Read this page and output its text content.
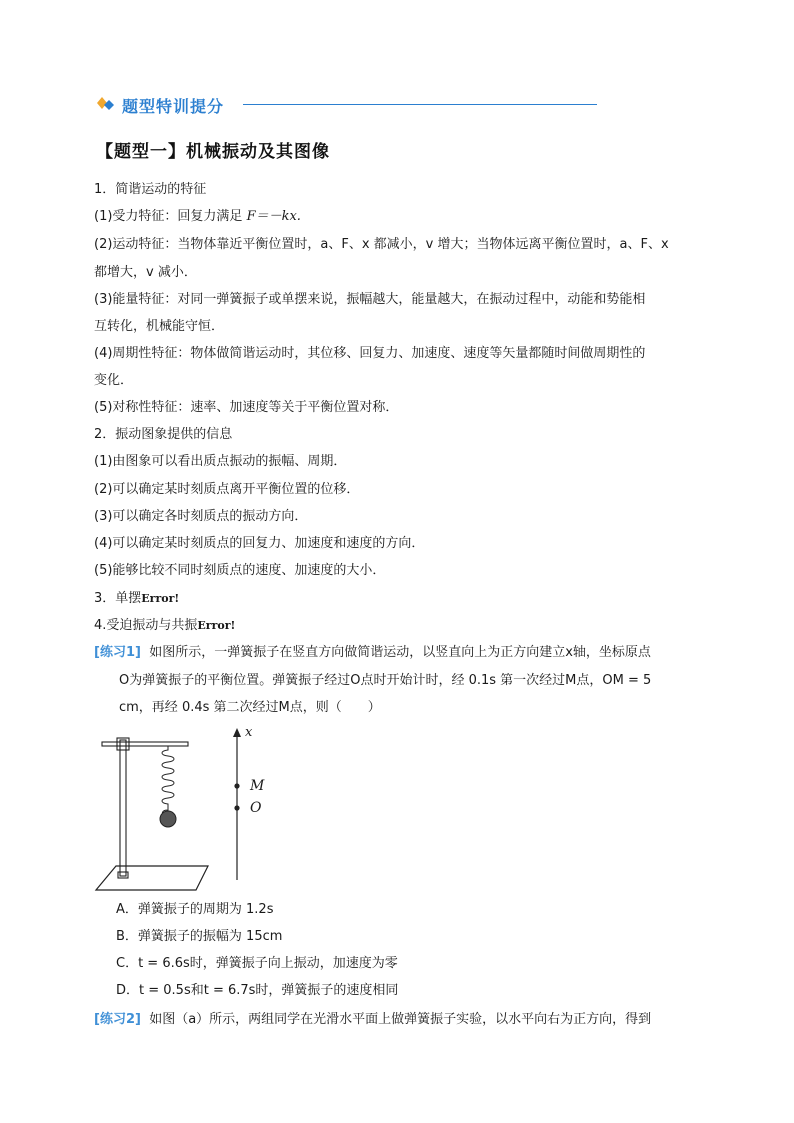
题型特训提分
【题型一】机械振动及其图像
1．简谐运动的特征
(1)受力特征：回复力满足 F＝－kx.
(2)运动特征：当物体靠近平衡位置时，a、F、x 都减小，v 增大；当物体远离平衡位置时，a、F、x
都增大，v 减小．
(3)能量特征：对同一弹簧振子或单摆来说，振幅越大，能量越大，在振动过程中，动能和势能相
互转化，机械能守恒．
(4)周期性特征：物体做简谐运动时，其位移、回复力、加速度、速度等矢量都随时间做周期性的
变化．
(5)对称性特征：速率、加速度等关于平衡位置对称．
2．振动图象提供的信息
(1)由图象可以看出质点振动的振幅、周期．
(2)可以确定某时刻质点离开平衡位置的位移．
(3)可以确定各时刻质点的振动方向．
(4)可以确定某时刻质点的回复力、加速度和速度的方向．
(5)能够比较不同时刻质点的速度、加速度的大小．
3．单摆Error!
4.受迫振动与共振Error!
[练习1] 如图所示，一弹簧振子在竖直方向做简谐运动，以竖直向上为正方向建立x轴，坐标原点
O为弹簧振子的平衡位置。弹簧振子经过O点时开始计时，经 0.1s 第一次经过M点，OM = 5
cm，再经 0.4s 第二次经过M点，则（　　）
x
M
O
A．弹簧振子的周期为 1.2s
B．弹簧振子的振幅为 15cm
C．t = 6.6s时，弹簧振子向上振动，加速度为零
D．t = 0.5s和t = 6.7s时，弹簧振子的速度相同
[练习2] 如图（a）所示，两组同学在光滑水平面上做弹簧振子实验，以水平向右为正方向，得到
